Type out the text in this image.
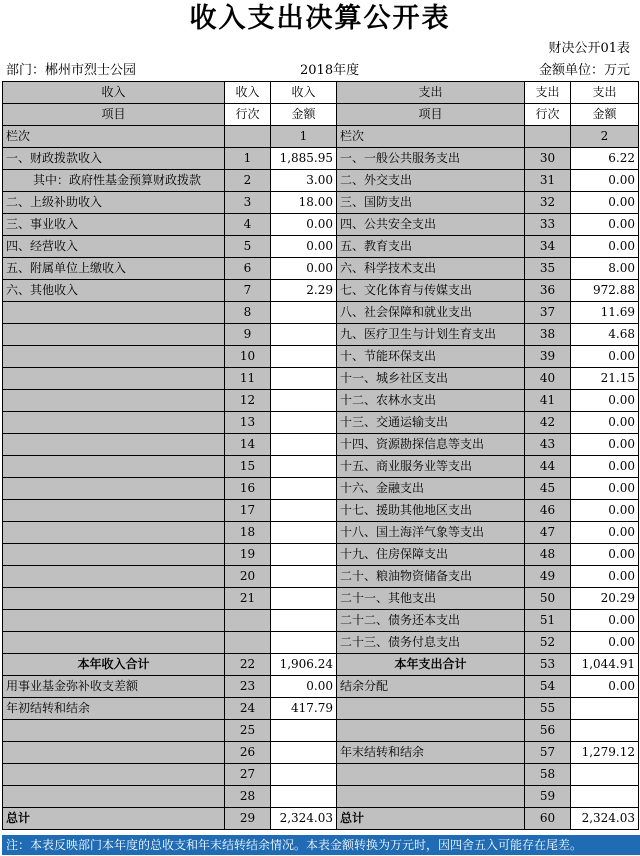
收入支出决算公开表
财决公开01表
部门：郴州市烈士公园	2018年度	金额单位：万元
收入	收入	收入	支出	支出	支出
项目	行次	金额	项目	行次	金额
栏次		1	栏次		2
一、财政拨款收入	1	1,885.95	一、一般公共服务支出	30	6.22
其中：政府性基金预算财政拨款	2	3.00	二、外交支出	31	0.00
二、上级补助收入	3	18.00	三、国防支出	32	0.00
三、事业收入	4	0.00	四、公共安全支出	33	0.00
四、经营收入	5	0.00	五、教育支出	34	0.00
五、附属单位上缴收入	6	0.00	六、科学技术支出	35	8.00
六、其他收入	7	2.29	七、文化体育与传媒支出	36	972.88
	8		八、社会保障和就业支出	37	11.69
	9		九、医疗卫生与计划生育支出	38	4.68
	10		十、节能环保支出	39	0.00
	11		十一、城乡社区支出	40	21.15
	12		十二、农林水支出	41	0.00
	13		十三、交通运输支出	42	0.00
	14		十四、资源勘探信息等支出	43	0.00
	15		十五、商业服务业等支出	44	0.00
	16		十六、金融支出	45	0.00
	17		十七、援助其他地区支出	46	0.00
	18		十八、国土海洋气象等支出	47	0.00
	19		十九、住房保障支出	48	0.00
	20		二十、粮油物资储备支出	49	0.00
	21		二十一、其他支出	50	20.29
			二十二、债务还本支出	51	0.00
			二十三、债务付息支出	52	0.00
本年收入合计	22	1,906.24	本年支出合计	53	1,044.91
用事业基金弥补收支差额	23	0.00	结余分配	54	0.00
年初结转和结余	24	417.79		55	
	25			56	
	26		年末结转和结余	57	1,279.12
	27			58	
	28			59	
总计	29	2,324.03	总计	60	2,324.03
注：本表反映部门本年度的总收支和年末结转结余情况。本表金额转换为万元时，因四舍五入可能存在尾差。
